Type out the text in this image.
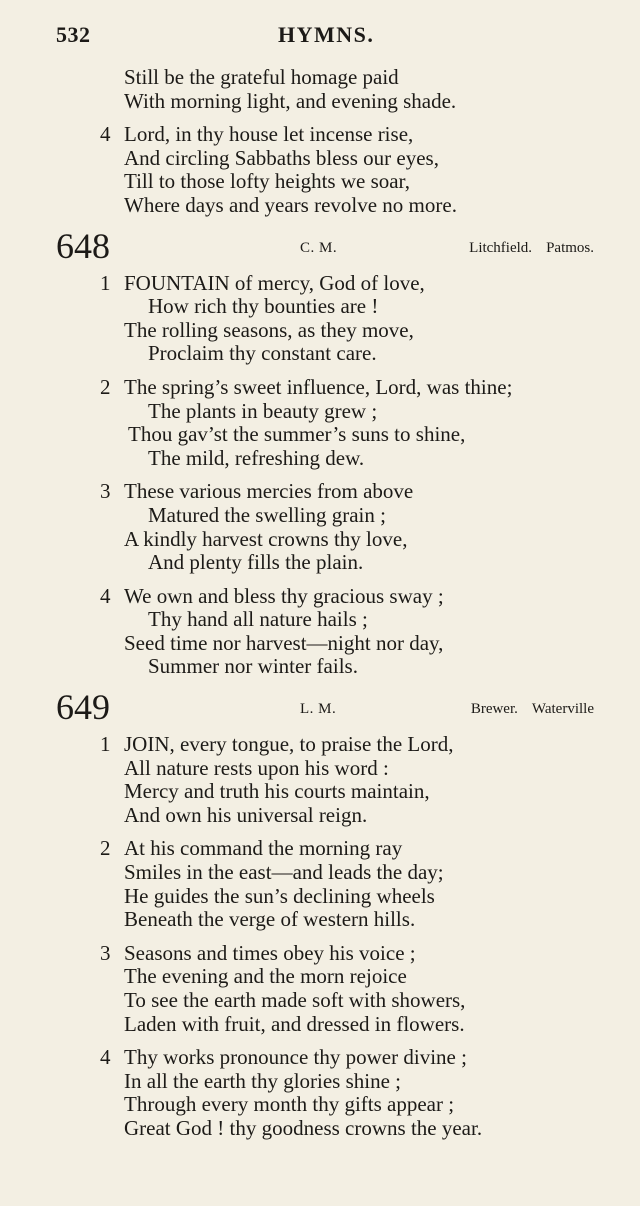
532	HYMNS.
Still be the grateful homage paid
With morning light, and evening shade.
4 Lord, in thy house let incense rise,
And circling Sabbaths bless our eyes,
Till to those lofty heights we soar,
Where days and years revolve no more.
648	C. M.	Litchfield. Patmos.
1 FOUNTAIN of mercy, God of love,
How rich thy bounties are !
The rolling seasons, as they move,
Proclaim thy constant care.
2 The spring’s sweet influence, Lord, was thine;
The plants in beauty grew ;
Thou gav’st the summer’s suns to shine,
The mild, refreshing dew.
3 These various mercies from above
Matured the swelling grain ;
A kindly harvest crowns thy love,
And plenty fills the plain.
4 We own and bless thy gracious sway ;
Thy hand all nature hails ;
Seed time nor harvest—night nor day,
Summer nor winter fails.
649	L. M.	Brewer. Waterville
1 JOIN, every tongue, to praise the Lord,
All nature rests upon his word :
Mercy and truth his courts maintain,
And own his universal reign.
2 At his command the morning ray
Smiles in the east—and leads the day;
He guides the sun’s declining wheels
Beneath the verge of western hills.
3 Seasons and times obey his voice ;
The evening and the morn rejoice
To see the earth made soft with showers,
Laden with fruit, and dressed in flowers.
4 Thy works pronounce thy power divine ;
In all the earth thy glories shine ;
Through every month thy gifts appear ;
Great God ! thy goodness crowns the year.
